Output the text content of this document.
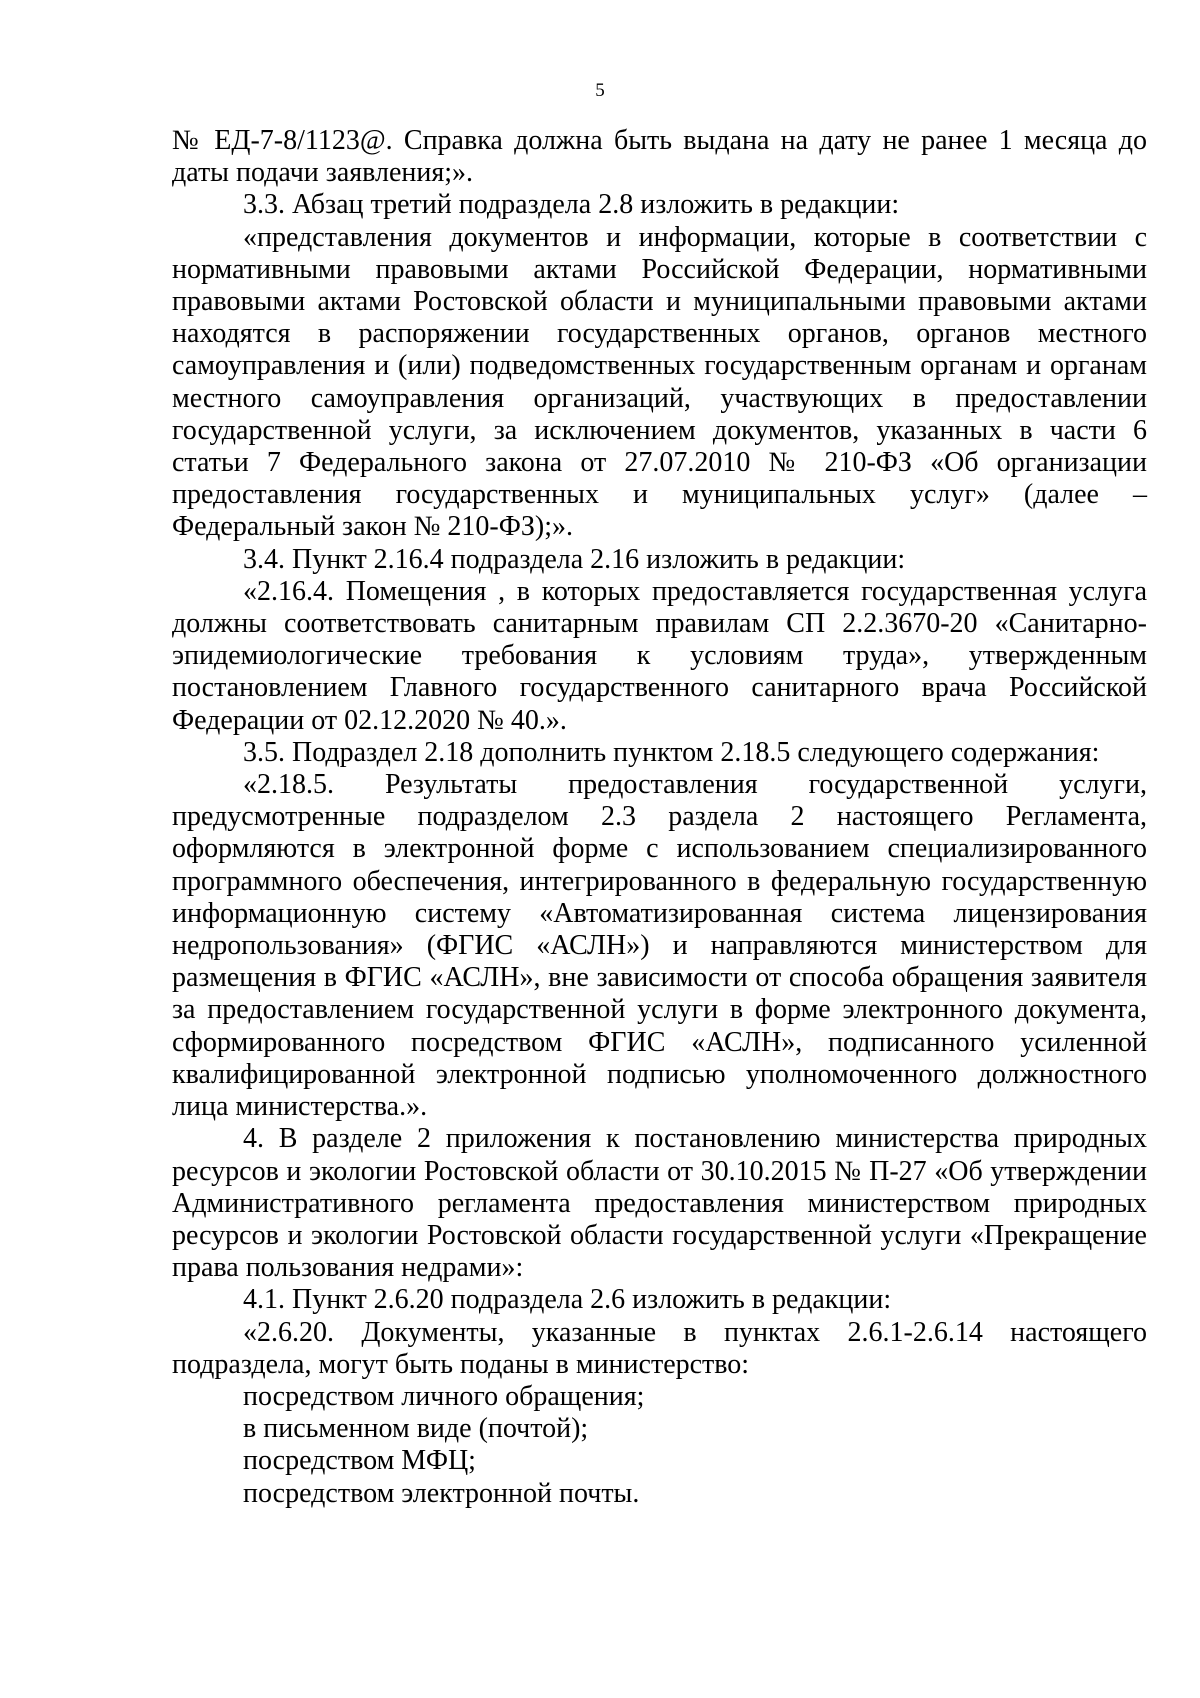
5

№ ЕД-7-8/1123@. Справка должна быть выдана на дату не ранее 1 месяца до даты подачи заявления;».

3.3. Абзац третий подраздела 2.8 изложить в редакции:

«представления документов и информации, которые в соответствии с нормативными правовыми актами Российской Федерации, нормативными правовыми актами Ростовской области и муниципальными правовыми актами находятся в распоряжении государственных органов, органов местного самоуправления и (или) подведомственных государственным органам и органам местного самоуправления организаций, участвующих в предоставлении государственной услуги, за исключением документов, указанных в части 6 статьи 7 Федерального закона от 27.07.2010 № 210-ФЗ «Об организации предоставления государственных и муниципальных услуг» (далее – Федеральный закон № 210-ФЗ);».

3.4. Пункт 2.16.4 подраздела 2.16 изложить в редакции:

«2.16.4. Помещения , в которых предоставляется государственная услуга должны соответствовать санитарным правилам СП 2.2.3670-20 «Санитарно-эпидемиологические требования к условиям труда», утвержденным постановлением Главного государственного санитарного врача Российской Федерации от 02.12.2020 № 40.».

3.5. Подраздел 2.18 дополнить пунктом 2.18.5 следующего содержания:

«2.18.5. Результаты предоставления государственной услуги, предусмотренные подразделом 2.3 раздела 2 настоящего Регламента, оформляются в электронной форме с использованием специализированного программного обеспечения, интегрированного в федеральную государственную информационную систему «Автоматизированная система лицензирования недропользования» (ФГИС «АСЛН») и направляются министерством для размещения в ФГИС «АСЛН», вне зависимости от способа обращения заявителя за предоставлением государственной услуги в форме электронного документа, сформированного посредством ФГИС «АСЛН», подписанного усиленной квалифицированной электронной подписью уполномоченного должностного лица министерства.».

4. В разделе 2 приложения к постановлению министерства природных ресурсов и экологии Ростовской области от 30.10.2015 № П-27 «Об утверждении Административного регламента предоставления министерством природных ресурсов и экологии Ростовской области государственной услуги «Прекращение права пользования недрами»:

4.1. Пункт 2.6.20 подраздела 2.6 изложить в редакции:

«2.6.20. Документы, указанные в пунктах 2.6.1-2.6.14 настоящего подраздела, могут быть поданы в министерство:

посредством личного обращения;

в письменном виде (почтой);

посредством МФЦ;

посредством электронной почты.
